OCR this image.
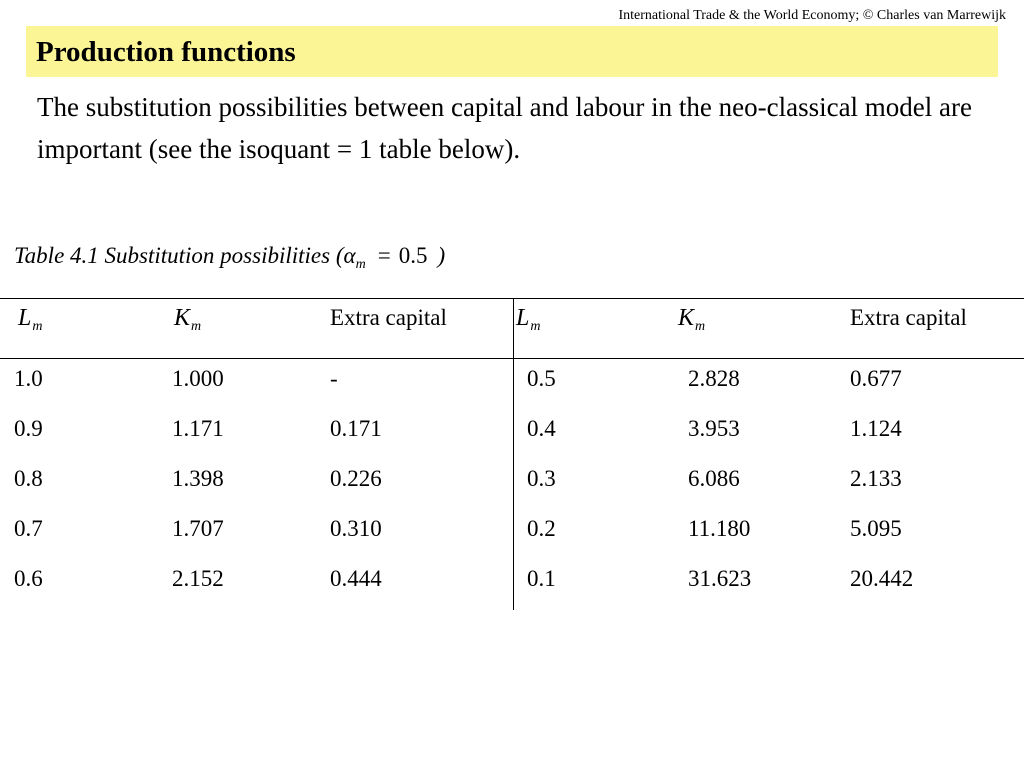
International Trade & the World Economy; © Charles van Marrewijk
Production functions

The substitution possibilities between capital and labour in the neo-classical model are important (see the isoquant = 1 table below).

Table 4.1 Substitution possibilities ($\alpha_m = 0.5$ )
$L_m$	$K_m$	Extra capital	$L_m$	$K_m$	Extra capital
1.0	1.000	-	0.5	2.828	0.677
0.9	1.171	0.171	0.4	3.953	1.124
0.8	1.398	0.226	0.3	6.086	2.133
0.7	1.707	0.310	0.2	11.180	5.095
0.6	2.152	0.444	0.1	31.623	20.442
